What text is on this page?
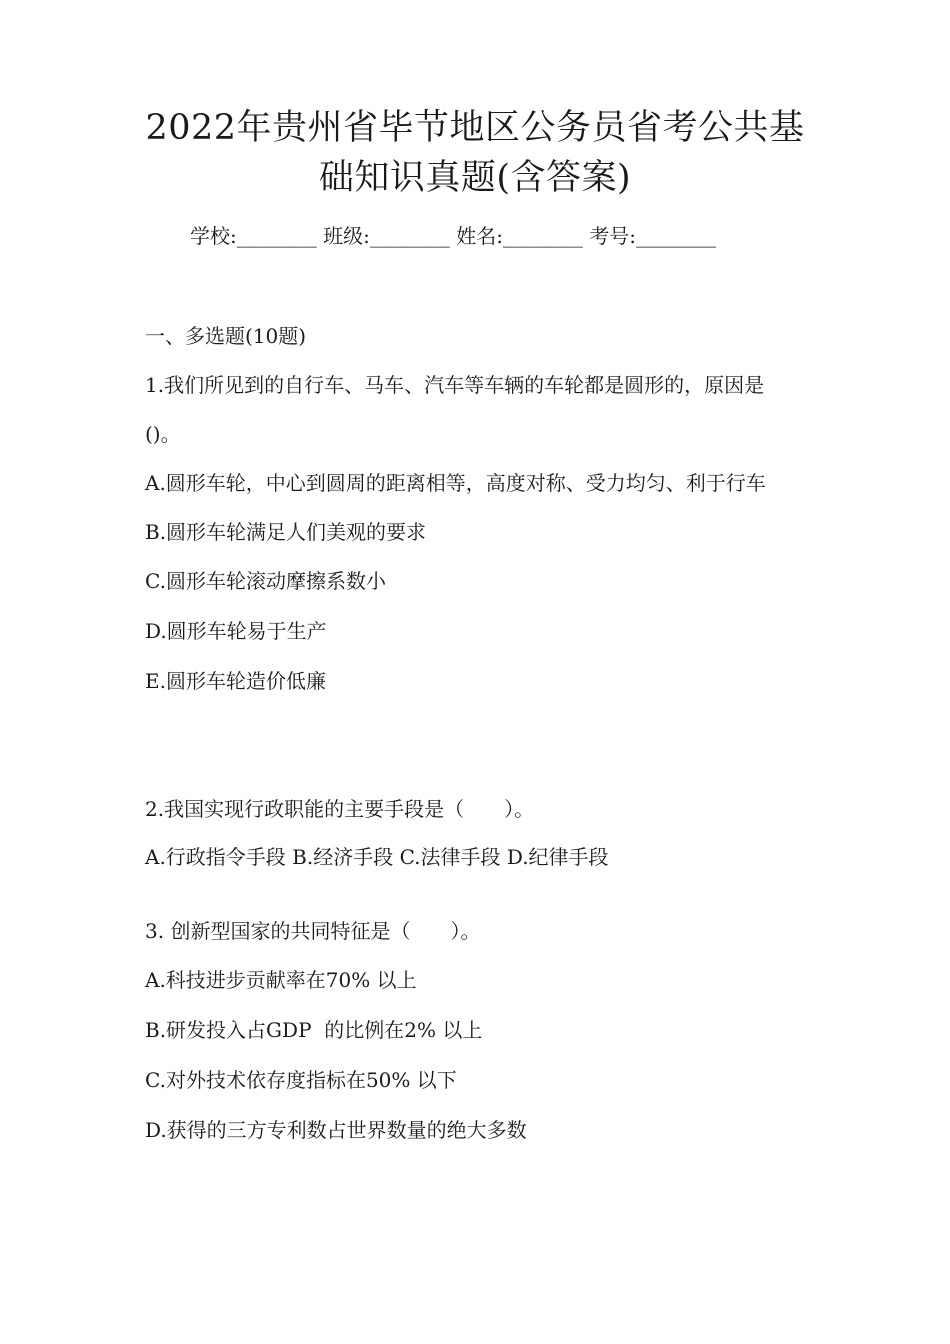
2022年贵州省毕节地区公务员省考公共基
础知识真题(含答案)
学校:________ 班级:________ 姓名:________ 考号:________
一、多选题(10题)
1.我们所见到的自行车、马车、汽车等车辆的车轮都是圆形的，原因是
()。
A.圆形车轮，中心到圆周的距离相等，高度对称、受力均匀、利于行车
B.圆形车轮满足人们美观的要求
C.圆形车轮滚动摩擦系数小
D.圆形车轮易于生产
E.圆形车轮造价低廉
2.我国实现行政职能的主要手段是（　　）。
A.行政指令手段 B.经济手段 C.法律手段 D.纪律手段
3. 创新型国家的共同特征是（　　）。
A.科技进步贡献率在70% 以上
B.研发投入占GDP  的比例在2% 以上
C.对外技术依存度指标在50% 以下
D.获得的三方专利数占世界数量的绝大多数
